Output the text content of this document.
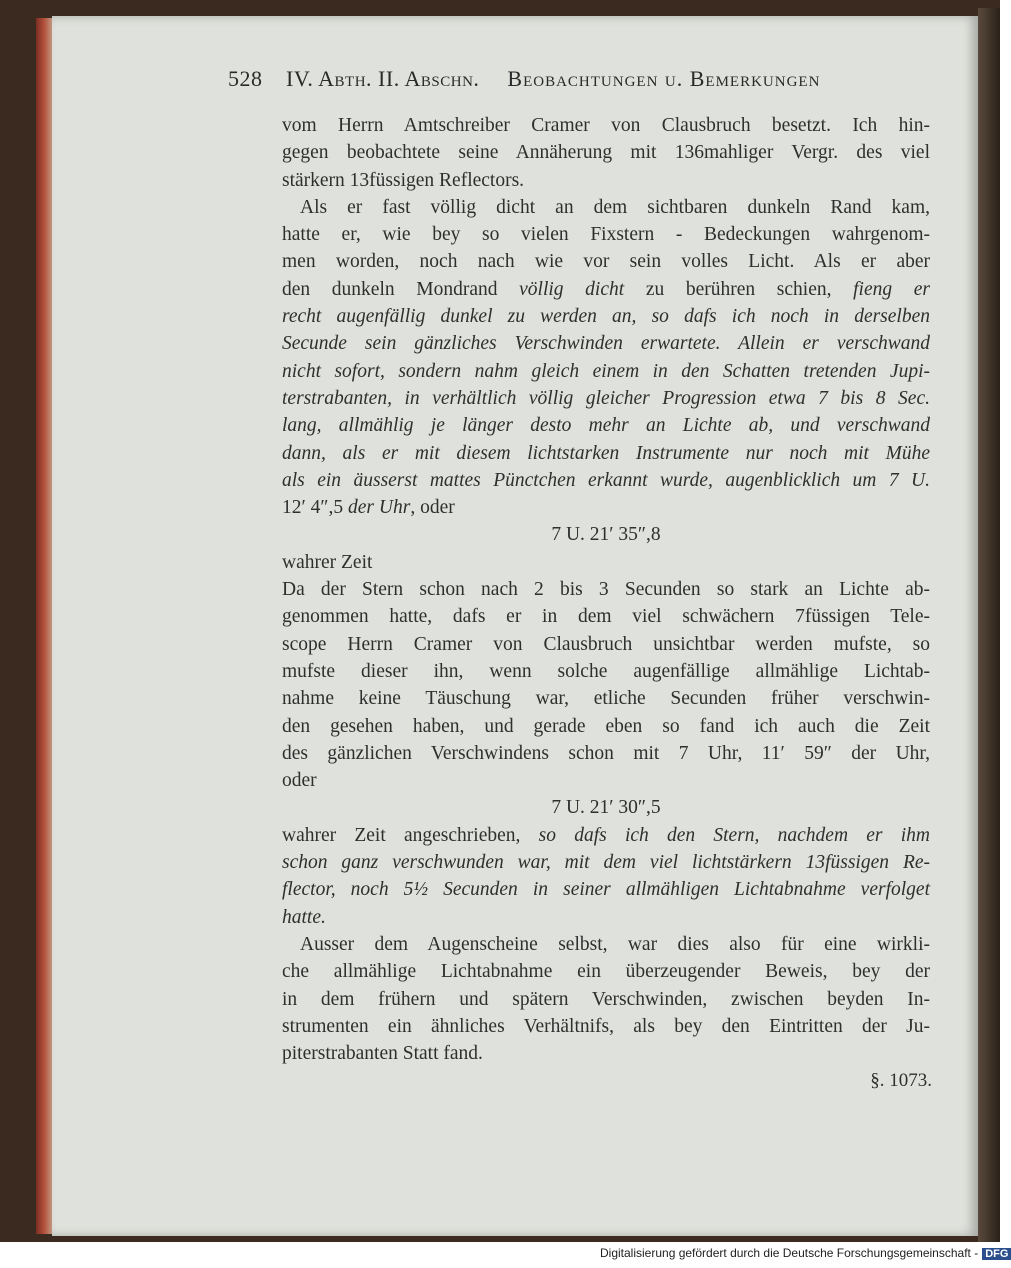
528 IV. Abth. II. Abschn. Beobachtungen u. Bemerkungen
vom Herrn Amtschreiber Cramer von Clausbruch besetzt. Ich hin-
gegen beobachtete seine Annäherung mit 136mahliger Vergr. des viel
stärkern 13füssigen Reflectors.
Als er fast völlig dicht an dem sichtbaren dunkeln Rand kam,
hatte er, wie bey so vielen Fixstern - Bedeckungen wahrgenom-
men worden, noch nach wie vor sein volles Licht. Als er aber
den dunkeln Mondrand völlig dicht zu berühren schien, fieng er
recht augenfällig dunkel zu werden an, so dafs ich noch in derselben
Secunde sein gänzliches Verschwinden erwartete. Allein er verschwand
nicht sofort, sondern nahm gleich einem in den Schatten tretenden Jupi-
terstrabanten, in verhältlich völlig gleicher Progression etwa 7 bis 8 Sec.
lang, allmählig je länger desto mehr an Lichte ab, und verschwand
dann, als er mit diesem lichtstarken Instrumente nur noch mit Mühe
als ein äusserst mattes Pünctchen erkannt wurde, augenblicklich um 7 U.
12′ 4″,5 der Uhr, oder
7 U. 21′ 35″,8
wahrer Zeit
Da der Stern schon nach 2 bis 3 Secunden so stark an Lichte ab-
genommen hatte, dafs er in dem viel schwächern 7füssigen Tele-
scope Herrn Cramer von Clausbruch unsichtbar werden mufste, so
mufste dieser ihn, wenn solche augenfällige allmählige Lichtab-
nahme keine Täuschung war, etliche Secunden früher verschwin-
den gesehen haben, und gerade eben so fand ich auch die Zeit
des gänzlichen Verschwindens schon mit 7 Uhr, 11′ 59″ der Uhr,
oder
7 U. 21′ 30″,5
wahrer Zeit angeschrieben, so dafs ich den Stern, nachdem er ihm
schon ganz verschwunden war, mit dem viel lichtstärkern 13füssigen Re-
flector, noch 5½ Secunden in seiner allmähligen Lichtabnahme verfolget
hatte.
Ausser dem Augenscheine selbst, war dies also für eine wirkli-
che allmählige Lichtabnahme ein überzeugender Beweis, bey der
in dem frühern und spätern Verschwinden, zwischen beyden In-
strumenten ein ähnliches Verhältnifs, als bey den Eintritten der Ju-
piterstrabanten Statt fand.
§. 1073.
Digitalisierung gefördert durch die Deutsche Forschungsgemeinschaft - DFG
